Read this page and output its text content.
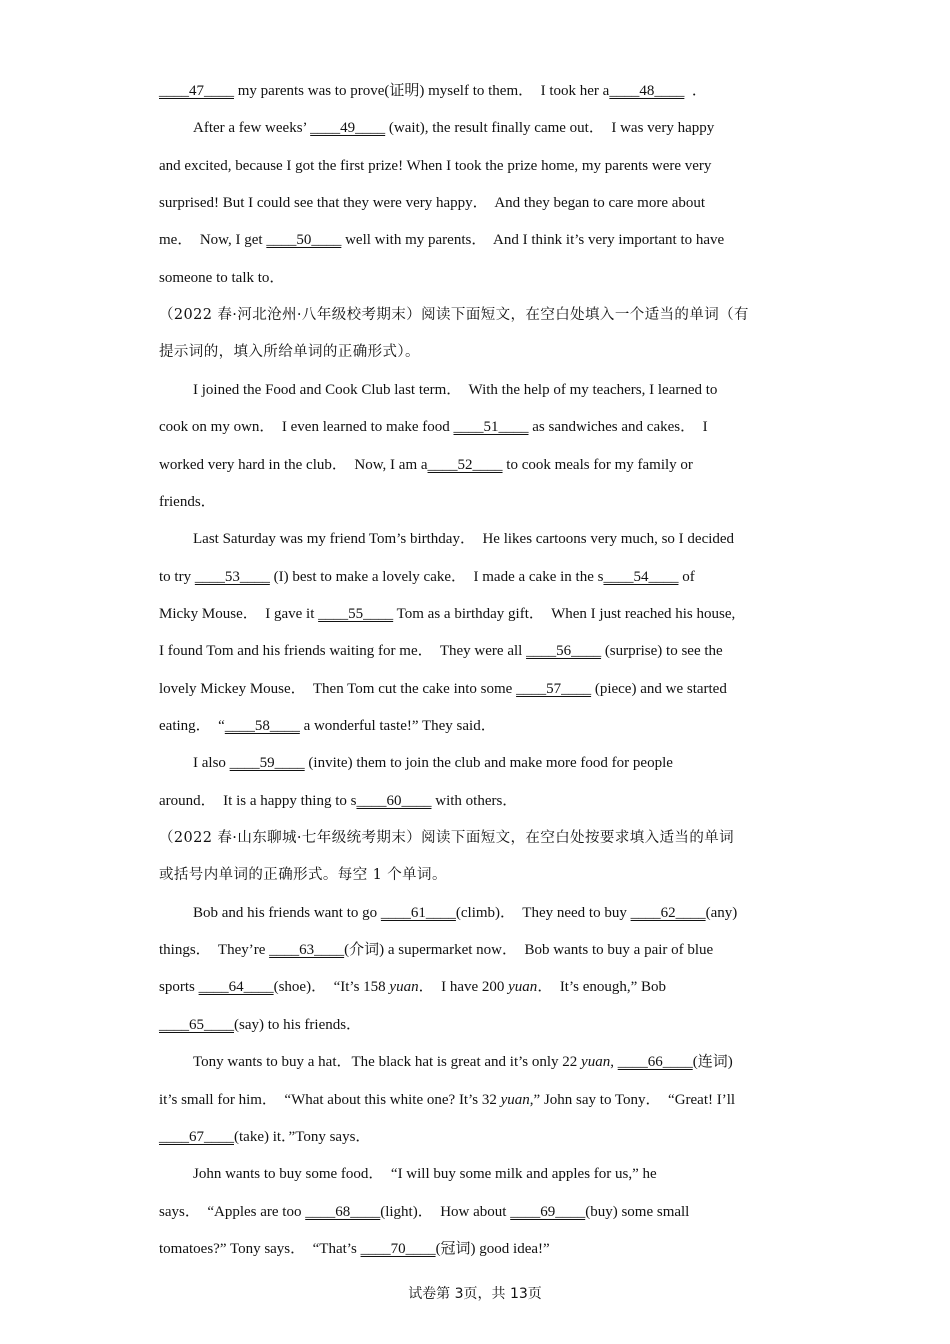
____47____ my parents was to prove(证明) myself to them．  I took her a____48____  ．
After a few weeks’ ____49____ (wait), the result finally came out．  I was very happy
and excited, because I got the first prize! When I took the prize home, my parents were very
surprised! But I could see that they were very happy．  And they began to care more about
me．  Now, I get ____50____ well with my parents．  And I think it’s very important to have
someone to talk to．
（2022 春·河北沧州·八年级校考期末）阅读下面短文，在空白处填入一个适当的单词（有
提示词的，填入所给单词的正确形式）。
I joined the Food and Cook Club last term．  With the help of my teachers, I learned to
cook on my own．  I even learned to make food ____51____ as sandwiches and cakes．  I
worked very hard in the club．  Now, I am a____52____ to cook meals for my family or
friends．
Last Saturday was my friend Tom’s birthday．  He likes cartoons very much, so I decided
to try ____53____ (I) best to make a lovely cake．  I made a cake in the s____54____ of
Micky Mouse．  I gave it ____55____ Tom as a birthday gift．  When I just reached his house,
I found Tom and his friends waiting for me．  They were all ____56____ (surprise) to see the
lovely Mickey Mouse．  Then Tom cut the cake into some ____57____ (piece) and we started
eating．  “____58____ a wonderful taste!” They said．
I also ____59____ (invite) them to join the club and make more food for people
around．  It is a happy thing to s____60____ with others．
（2022 春·山东聊城·七年级统考期末）阅读下面短文，在空白处按要求填入适当的单词
或括号内单词的正确形式。每空 1 个单词。
Bob and his friends want to go ____61____(climb)．  They need to buy ____62____(any)
things．  They’re ____63____(介词) a supermarket now．  Bob wants to buy a pair of blue
sports ____64____(shoe)．  “It’s 158 yuan．  I have 200 yuan．  It’s enough,” Bob
____65____(say) to his friends．
Tony wants to buy a hat．The black hat is great and it’s only 22 yuan, ____66____(连词)
it’s small for him．  “What about this white one? It’s 32 yuan,” John say to Tony．  “Great! I’ll
____67____(take) it．”Tony says．
John wants to buy some food．  “I will buy some milk and apples for us,” he
says．  “Apples are too ____68____(light)．  How about ____69____(buy) some small
tomatoes?” Tony says．  “That’s ____70____(冠词) good idea!”
试卷第 3页，共 13页
